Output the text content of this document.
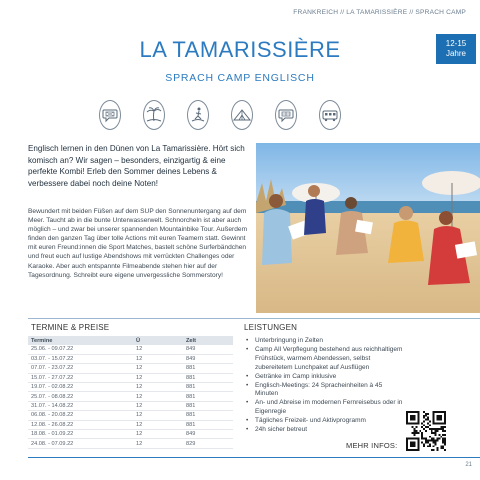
FRANKREICH // LA TAMARISSIÈRE // SPRACH CAMP
12-15
Jahre
LA TAMARISSIÈRE
SPRACH CAMP ENGLISCH
Englisch lernen in den Dünen von La Tamarissière. Hört sich komisch an? Wir sagen – besonders, einzigartig & eine perfekte Kombi! Erleb den Sommer deines Lebens & verbessere dabei noch deine Noten!
Bewundert mit beiden Füßen auf dem SUP den Sonnenuntergang auf dem Meer. Taucht ab in die bunte Unterwasserwelt. Schnorcheln ist aber auch möglich – und zwar bei unserer spannenden Mountainbike Tour. Außerdem finden den ganzen Tag über tolle Actions mit euren Teamern statt. Gewinnt mit euren Freund:innen die Sport Matches, bastelt schöne Surferbändchen und freut euch auf lustige Abendshows mit verrückten Challenges oder Karaoke. Aber auch entspannte Filmeabende stehen hier auf der Tagesordnung. Schreibt eure eigene unvergessliche Sommerstory!
TERMINE & PREISE
Termine	Ü	Zelt
25.06. - 09.07.22	12	849
03.07. - 15.07.22	12	849
07.07. - 23.07.22	12	881
15.07. - 27.07.22	12	881
19.07. - 02.08.22	12	881
25.07. - 08.08.22	12	881
31.07. - 14.08.22	12	881
06.08. - 20.08.22	12	881
12.08. - 26.08.22	12	881
18.08. - 01.09.22	12	849
24.08. - 07.09.22	12	829
LEISTUNGEN
• Unterbringung in Zelten
• Camp All Verpflegung bestehend aus reichhaltigem Frühstück, warmem Abendessen, selbst zubereitetem Lunchpaket auf Ausflügen
• Getränke im Camp inklusive
• Englisch-Meetings: 24 Spracheinheiten à 45 Minuten
• An- und Abreise im modernen Fernreisebus oder in Eigenregie
• Tägliches Freizeit- und Aktivprogramm
• 24h sicher betreut
MEHR INFOS:
21
